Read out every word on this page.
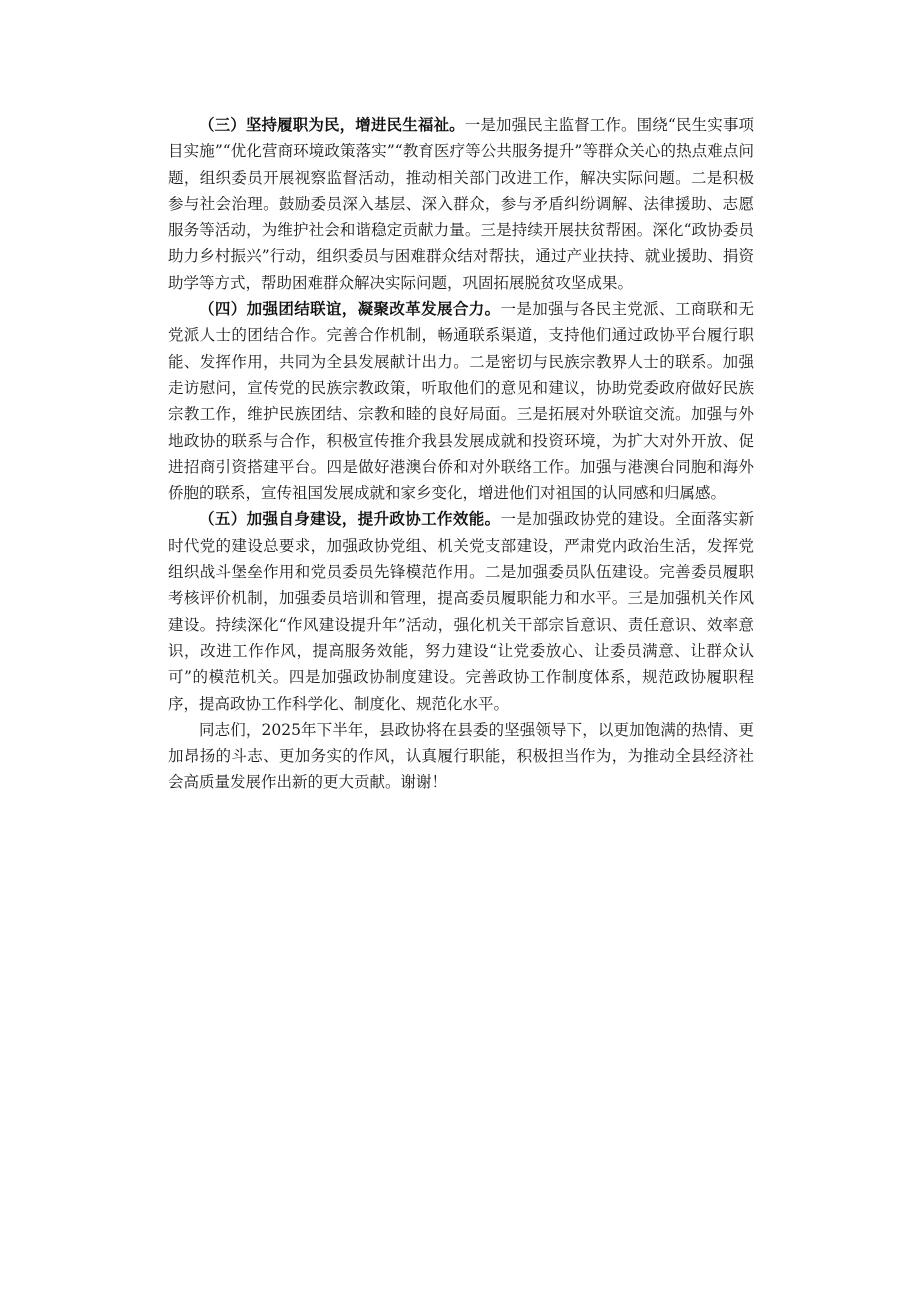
（三）坚持履职为民，增进民生福祉。一是加强民主监督工作。围绕“民生实事项目实施”“优化营商环境政策落实”“教育医疗等公共服务提升”等群众关心的热点难点问题，组织委员开展视察监督活动，推动相关部门改进工作，解决实际问题。二是积极参与社会治理。鼓励委员深入基层、深入群众，参与矛盾纠纷调解、法律援助、志愿服务等活动，为维护社会和谐稳定贡献力量。三是持续开展扶贫帮困。深化“政协委员助力乡村振兴”行动，组织委员与困难群众结对帮扶，通过产业扶持、就业援助、捐资助学等方式，帮助困难群众解决实际问题，巩固拓展脱贫攻坚成果。

（四）加强团结联谊，凝聚改革发展合力。一是加强与各民主党派、工商联和无党派人士的团结合作。完善合作机制，畅通联系渠道，支持他们通过政协平台履行职能、发挥作用，共同为全县发展献计出力。二是密切与民族宗教界人士的联系。加强走访慰问，宣传党的民族宗教政策，听取他们的意见和建议，协助党委政府做好民族宗教工作，维护民族团结、宗教和睦的良好局面。三是拓展对外联谊交流。加强与外地政协的联系与合作，积极宣传推介我县发展成就和投资环境，为扩大对外开放、促进招商引资搭建平台。四是做好港澳台侨和对外联络工作。加强与港澳台同胞和海外侨胞的联系，宣传祖国发展成就和家乡变化，增进他们对祖国的认同感和归属感。

（五）加强自身建设，提升政协工作效能。一是加强政协党的建设。全面落实新时代党的建设总要求，加强政协党组、机关党支部建设，严肃党内政治生活，发挥党组织战斗堡垒作用和党员委员先锋模范作用。二是加强委员队伍建设。完善委员履职考核评价机制，加强委员培训和管理，提高委员履职能力和水平。三是加强机关作风建设。持续深化“作风建设提升年”活动，强化机关干部宗旨意识、责任意识、效率意识，改进工作作风，提高服务效能，努力建设“让党委放心、让委员满意、让群众认可”的模范机关。四是加强政协制度建设。完善政协工作制度体系，规范政协履职程序，提高政协工作科学化、制度化、规范化水平。

同志们，2025年下半年，县政协将在县委的坚强领导下，以更加饱满的热情、更加昂扬的斗志、更加务实的作风，认真履行职能，积极担当作为，为推动全县经济社会高质量发展作出新的更大贡献。谢谢！
